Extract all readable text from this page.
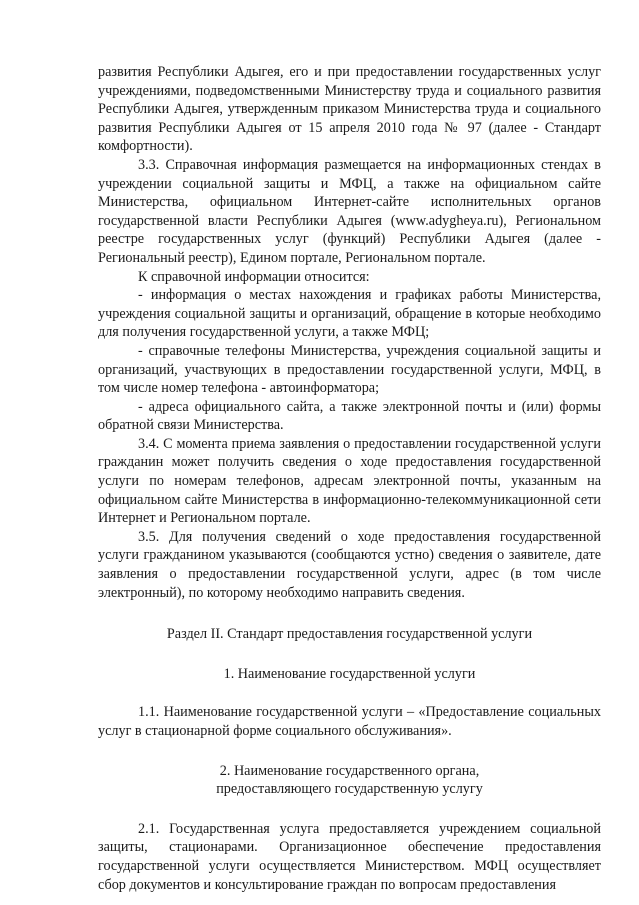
развития Республики Адыгея, его и при предоставлении государственных услуг учреждениями, подведомственными Министерству труда и социального развития Республики Адыгея, утвержденным приказом Министерства труда и социального развития Республики Адыгея от 15 апреля 2010 года № 97 (далее - Стандарт комфортности).

3.3. Справочная информация размещается на информационных стендах в учреждении социальной защиты и МФЦ, а также на официальном сайте Министерства, официальном Интернет-сайте исполнительных органов государственной власти Республики Адыгея (www.adygheya.ru), Региональном реестре государственных услуг (функций) Республики Адыгея (далее - Региональный реестр), Едином портале, Региональном портале.

К справочной информации относится:

- информация о местах нахождения и графиках работы Министерства, учреждения социальной защиты и организаций, обращение в которые необходимо для получения государственной услуги, а также МФЦ;

- справочные телефоны Министерства, учреждения социальной защиты и организаций, участвующих в предоставлении государственной услуги, МФЦ, в том числе номер телефона - автоинформатора;

- адреса официального сайта, а также электронной почты и (или) формы обратной связи Министерства.

3.4. С момента приема заявления о предоставлении государственной услуги гражданин может получить сведения о ходе предоставления государственной услуги по номерам телефонов, адресам электронной почты, указанным на официальном сайте Министерства в информационно-телекоммуникационной сети Интернет и Региональном портале.

3.5. Для получения сведений о ходе предоставления государственной услуги гражданином указываются (сообщаются устно) сведения о заявителе, дате заявления о предоставлении государственной услуги, адрес (в том числе электронный), по которому необходимо направить сведения.

Раздел II. Стандарт предоставления государственной услуги

1. Наименование государственной услуги

1.1. Наименование государственной услуги – «Предоставление социальных услуг в стационарной форме социального обслуживания».

2. Наименование государственного органа,

предоставляющего государственную услугу

2.1. Государственная услуга предоставляется учреждением социальной защиты, стационарами. Организационное обеспечение предоставления государственной услуги осуществляется Министерством. МФЦ осуществляет сбор документов и консультирование граждан по вопросам предоставления
